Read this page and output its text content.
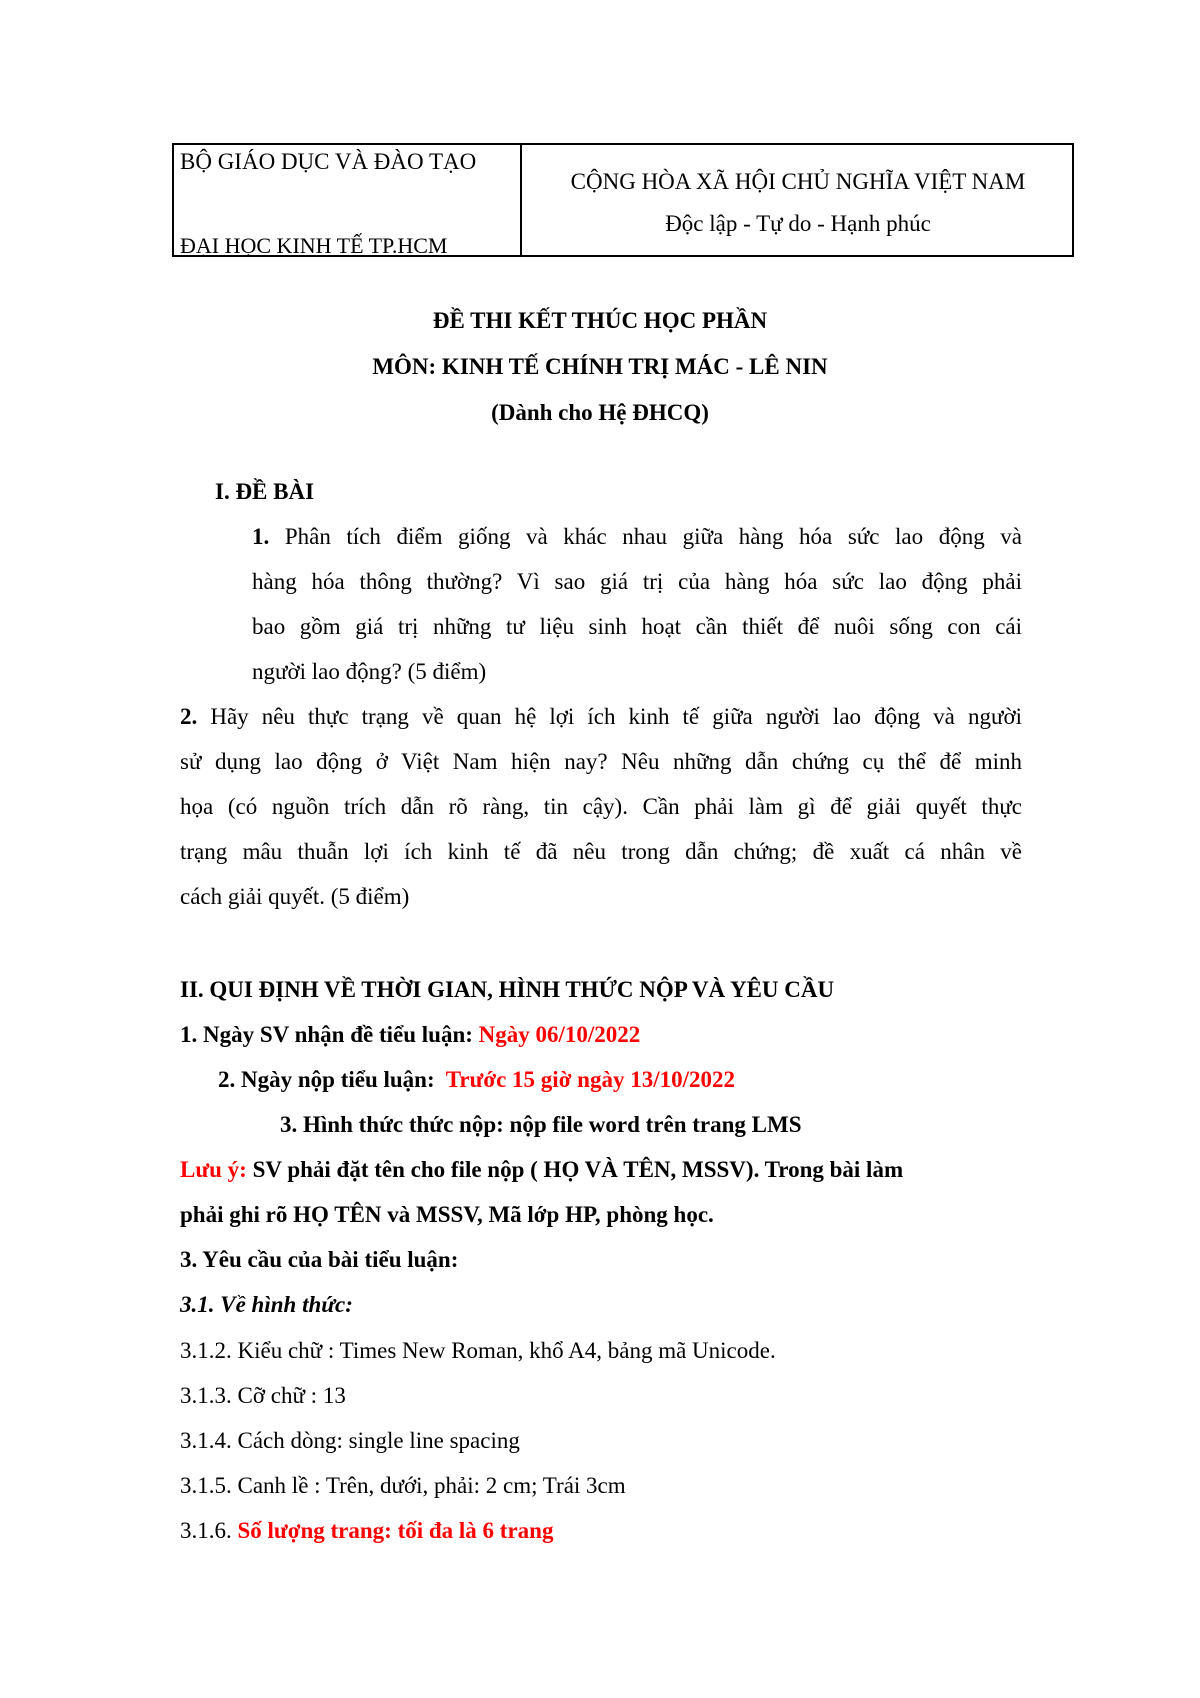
BỘ GIÁO DỤC VÀ ĐÀO TẠO
ĐẠI HỌC KINH TẾ TP.HCM
CỘNG HÒA XÃ HỘI CHỦ NGHĨA VIỆT NAM
Độc lập - Tự do - Hạnh phúc
ĐỀ THI KẾT THÚC HỌC PHẦN
MÔN: KINH TẾ CHÍNH TRỊ MÁC - LÊ NIN
(Dành cho Hệ ĐHCQ)
I. ĐỀ BÀI
1. Phân tích điểm giống và khác nhau giữa hàng hóa sức lao động và
hàng hóa thông thường? Vì sao giá trị của hàng hóa sức lao động phải
bao gồm giá trị những tư liệu sinh hoạt cần thiết để nuôi sống con cái
người lao động? (5 điểm)
2. Hãy nêu thực trạng về quan hệ lợi ích kinh tế giữa người lao động và người
sử dụng lao động ở Việt Nam hiện nay? Nêu những dẫn chứng cụ thể để minh
họa (có nguồn trích dẫn rõ ràng, tin cậy). Cần phải làm gì để giải quyết thực
trạng mâu thuẫn lợi ích kinh tế đã nêu trong dẫn chứng; đề xuất cá nhân về
cách giải quyết. (5 điểm)
II. QUI ĐỊNH VỀ THỜI GIAN, HÌNH THỨC NỘP VÀ YÊU CẦU
1. Ngày SV nhận đề tiểu luận: Ngày 06/10/2022
2. Ngày nộp tiểu luận:  Trước 15 giờ ngày 13/10/2022
3. Hình thức thức nộp: nộp file word trên trang LMS
Lưu ý: SV phải đặt tên cho file nộp ( HỌ VÀ TÊN, MSSV). Trong bài làm
phải ghi rõ HỌ TÊN và MSSV, Mã lớp HP, phòng học.
3. Yêu cầu của bài tiểu luận:
3.1. Về hình thức:
3.1.2. Kiểu chữ : Times New Roman, khổ A4, bảng mã Unicode.
3.1.3. Cỡ chữ : 13
3.1.4. Cách dòng: single line spacing
3.1.5. Canh lề : Trên, dưới, phải: 2 cm; Trái 3cm
3.1.6. Số lượng trang: tối đa là 6 trang
